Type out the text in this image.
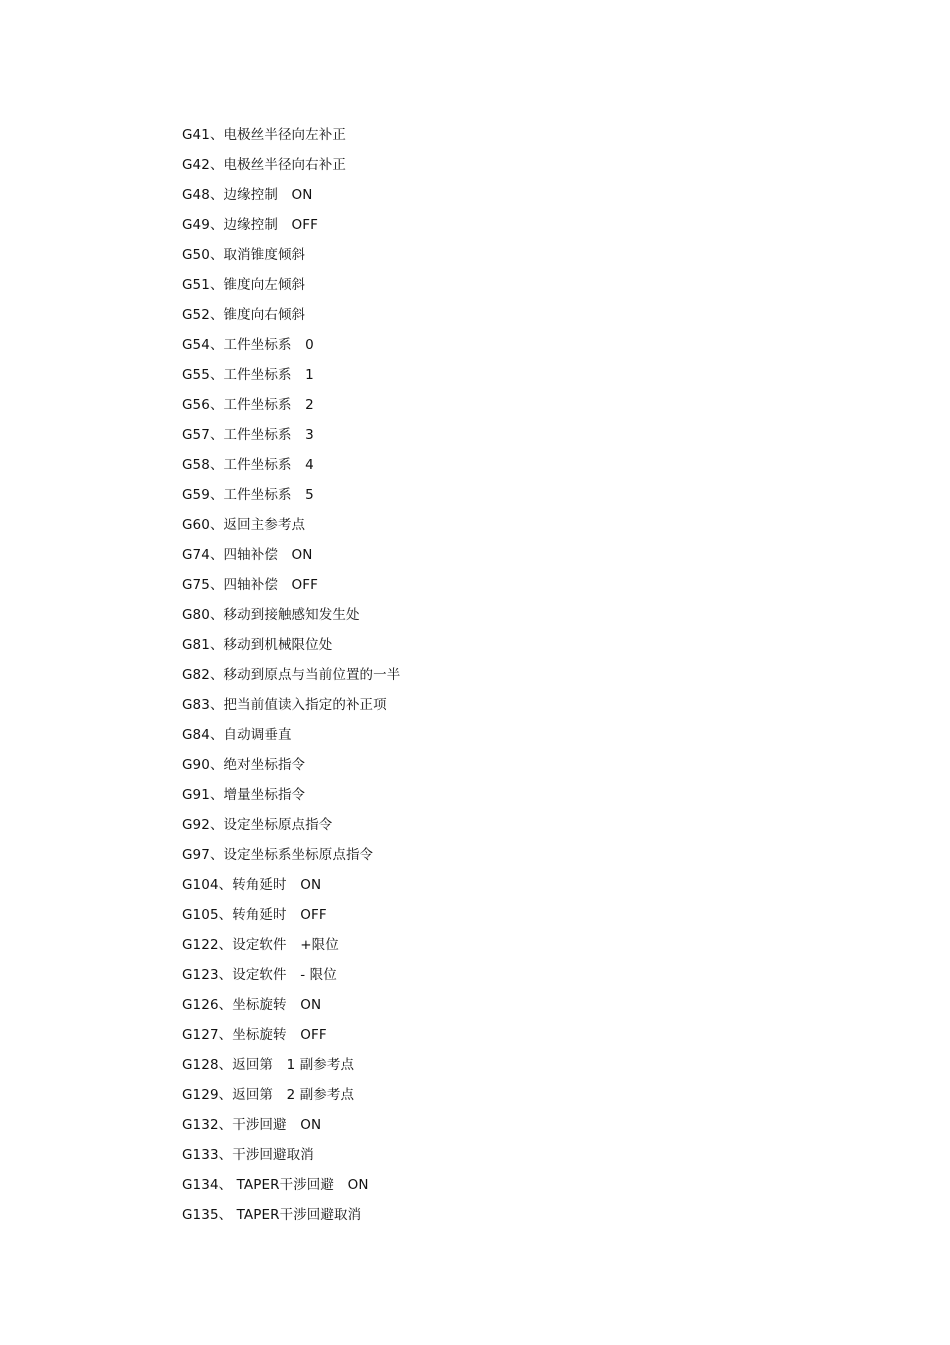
G41、电极丝半径向左补正
G42、电极丝半径向右补正
G48、边缘控制　ON
G49、边缘控制　OFF
G50、取消锥度倾斜
G51、锥度向左倾斜
G52、锥度向右倾斜
G54、工件坐标系　0
G55、工件坐标系　1
G56、工件坐标系　2
G57、工件坐标系　3
G58、工件坐标系　4
G59、工件坐标系　5
G60、返回主参考点
G74、四轴补偿　ON
G75、四轴补偿　OFF
G80、移动到接触感知发生处
G81、移动到机械限位处
G82、移动到原点与当前位置的一半
G83、把当前值读入指定的补正项
G84、自动调垂直
G90、绝对坐标指令
G91、增量坐标指令
G92、设定坐标原点指令
G97、设定坐标系坐标原点指令
G104、转角延时　ON
G105、转角延时　OFF
G122、设定软件　+限位
G123、设定软件　- 限位
G126、坐标旋转　ON
G127、坐标旋转　OFF
G128、返回第　1 副参考点
G129、返回第　2 副参考点
G132、干涉回避　ON
G133、干涉回避取消
G134、 TAPER干涉回避　ON
G135、 TAPER干涉回避取消
